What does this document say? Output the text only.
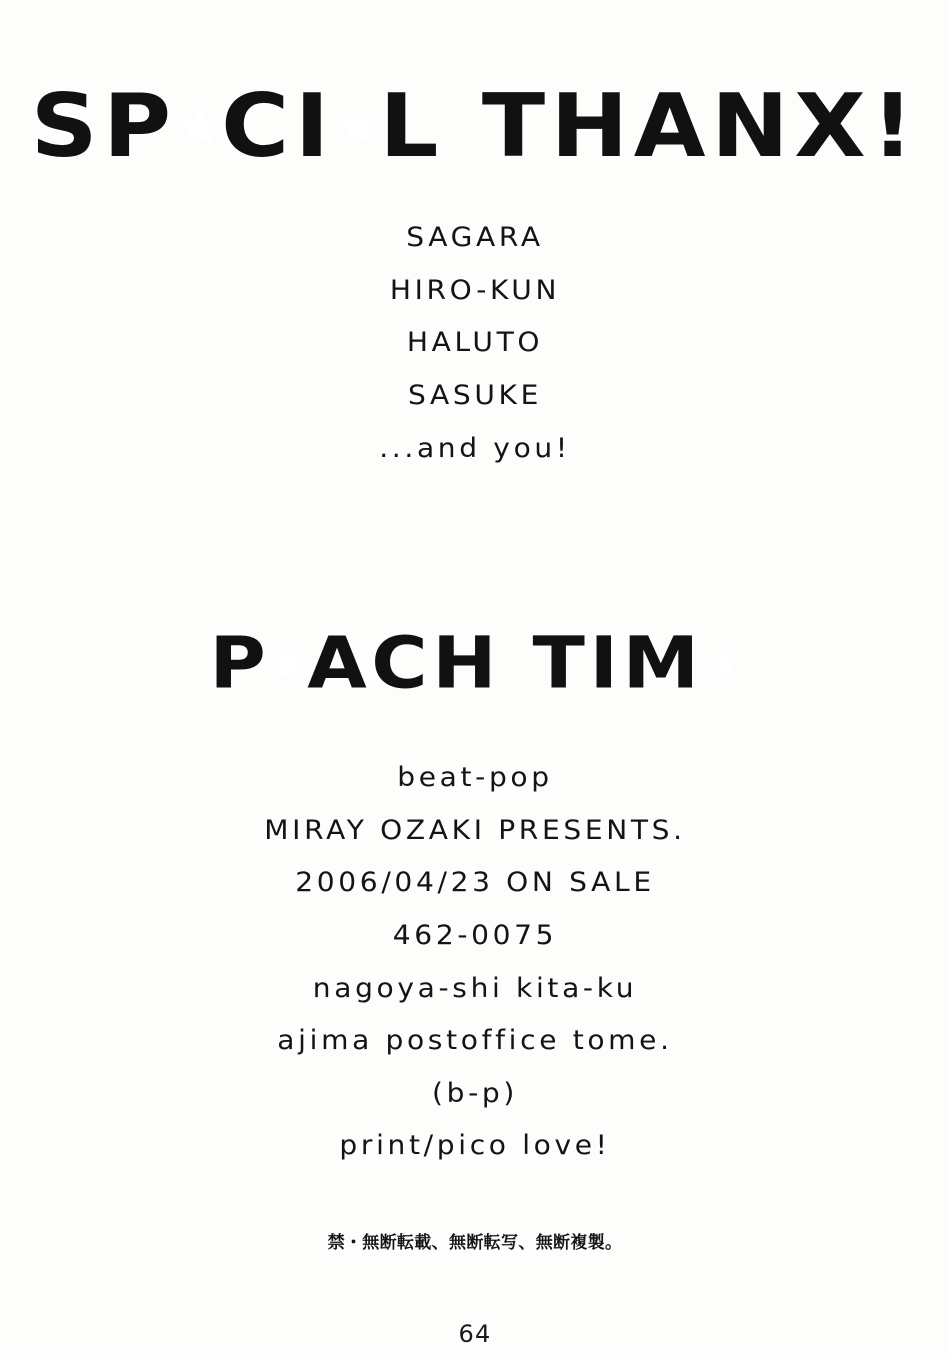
SP CI L THANX!
SAGARA
HIRO-KUN
HALUTO
SASUKE
...and you!
P ACH TIM
beat-pop
MIRAY OZAKI PRESENTS.
2006/04/23 ON SALE
462-0075
nagoya-shi kita-ku
ajima postoffice tome.
(b-p)
print/pico love!
禁・無断転載、無断転写、無断複製。
64
